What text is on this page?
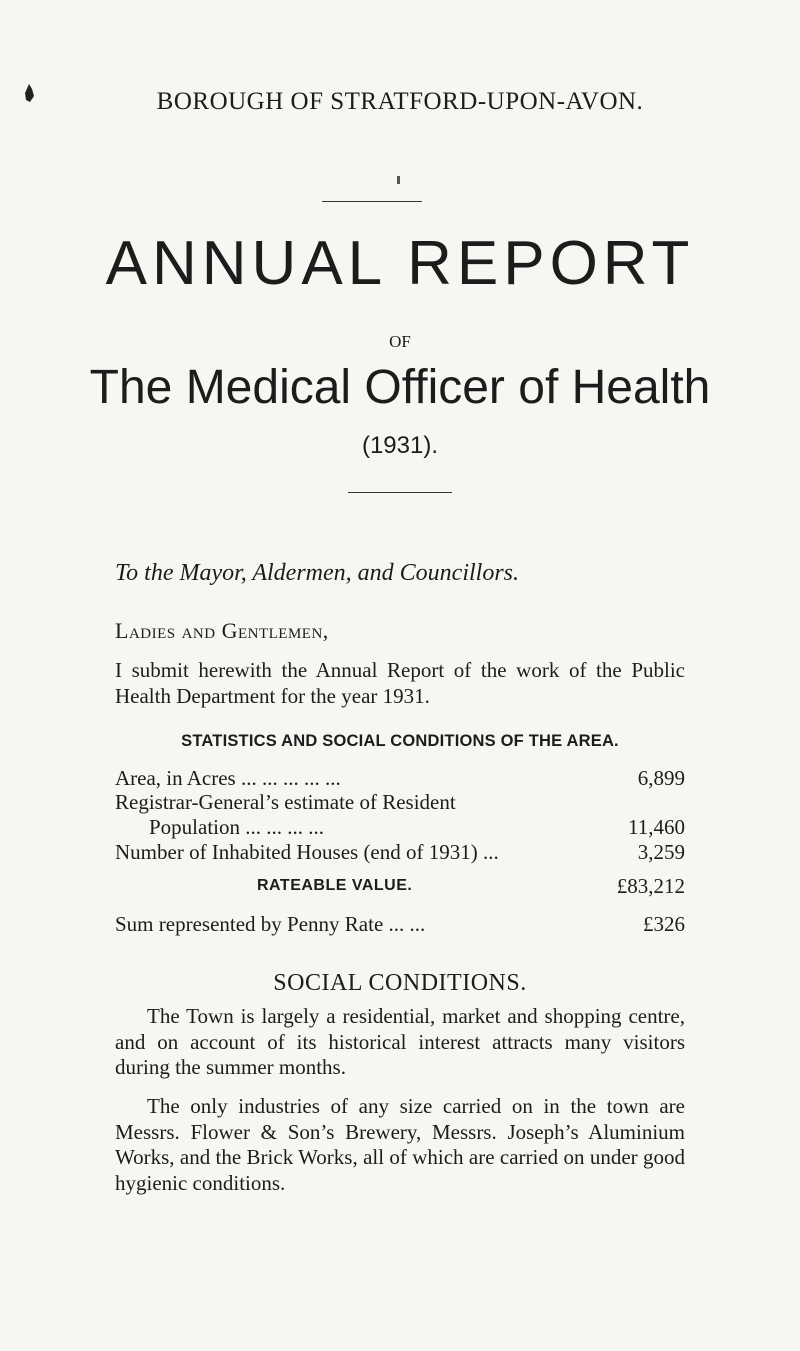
BOROUGH OF STRATFORD-UPON-AVON.
ANNUAL REPORT
OF
The Medical Officer of Health
(1931).
To the Mayor, Aldermen, and Councillors.
Ladies and Gentlemen,
I submit herewith the Annual Report of the work of the Public Health Department for the year 1931.
STATISTICS AND SOCIAL CONDITIONS OF THE AREA.
Area, in Acres ... ... ... ... ...	6,899
Registrar-General’s estimate of Resident
Population ... ... ... ...	11,460
Number of Inhabited Houses (end of 1931) ...	3,259
RATEABLE VALUE.	£83,212
Sum represented by Penny Rate ... ...	£326
SOCIAL CONDITIONS.
The Town is largely a residential, market and shopping centre, and on account of its historical interest attracts many visitors during the summer months.
The only industries of any size carried on in the town are Messrs. Flower & Son’s Brewery, Messrs. Joseph’s Aluminium Works, and the Brick Works, all of which are carried on under good hygienic conditions.
